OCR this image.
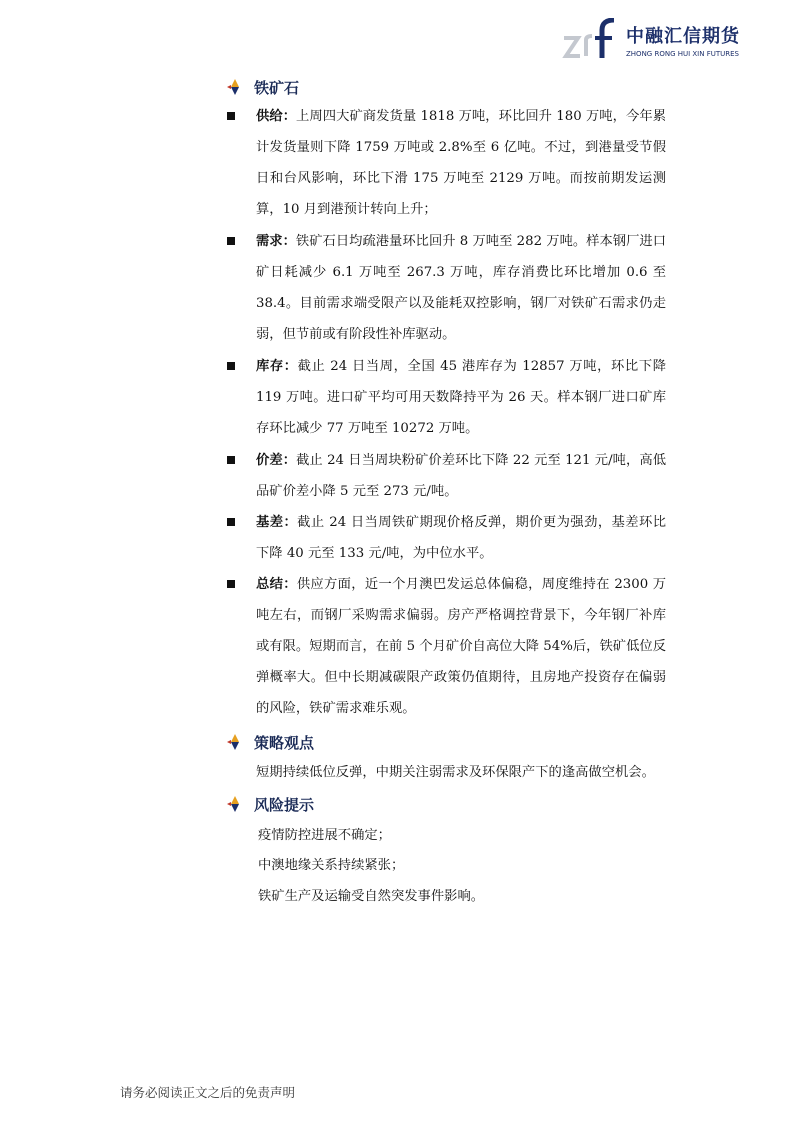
中融汇信期货
ZHONG RONG HUI XIN FUTURES
铁矿石
供给：上周四大矿商发货量 1818 万吨，环比回升 180 万吨，今年累计发货量则下降 1759 万吨或 2.8%至 6 亿吨。不过，到港量受节假日和台风影响，环比下滑 175 万吨至 2129 万吨。而按前期发运测算，10 月到港预计转向上升；
需求：铁矿石日均疏港量环比回升 8 万吨至 282 万吨。样本钢厂进口矿日耗减少 6.1 万吨至 267.3 万吨，库存消费比环比增加 0.6 至 38.4。目前需求端受限产以及能耗双控影响，钢厂对铁矿石需求仍走弱，但节前或有阶段性补库驱动。
库存：截止 24 日当周，全国 45 港库存为 12857 万吨，环比下降 119 万吨。进口矿平均可用天数降持平为 26 天。样本钢厂进口矿库存环比减少 77 万吨至 10272 万吨。
价差：截止 24 日当周块粉矿价差环比下降 22 元至 121 元/吨，高低品矿价差小降 5 元至 273 元/吨。
基差：截止 24 日当周铁矿期现价格反弹，期价更为强劲，基差环比下降 40 元至 133 元/吨，为中位水平。
总结：供应方面，近一个月澳巴发运总体偏稳，周度维持在 2300 万吨左右，而钢厂采购需求偏弱。房产严格调控背景下，今年钢厂补库或有限。短期而言，在前 5 个月矿价自高位大降 54%后，铁矿低位反弹概率大。但中长期减碳限产政策仍值期待，且房地产投资存在偏弱的风险，铁矿需求难乐观。
策略观点
短期持续低位反弹，中期关注弱需求及环保限产下的逢高做空机会。
风险提示
疫情防控进展不确定；
中澳地缘关系持续紧张；
铁矿生产及运输受自然突发事件影响。
请务必阅读正文之后的免责声明
